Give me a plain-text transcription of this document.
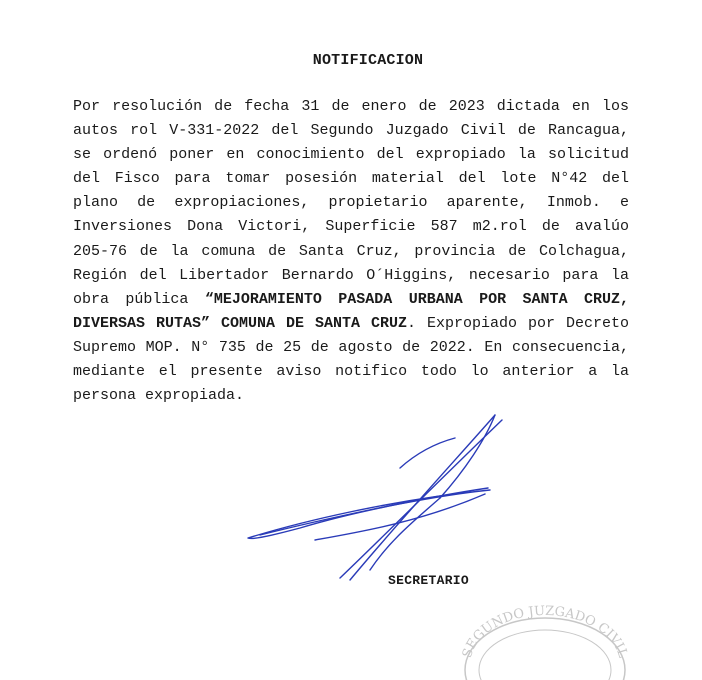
NOTIFICACION
Por resolución de fecha 31 de enero de 2023 dictada en los autos rol V-331-2022 del Segundo Juzgado Civil de Rancagua, se ordenó poner en conocimiento del expropiado la solicitud del Fisco para tomar posesión material del lote N°42 del plano de expropiaciones, propietario aparente, Inmob. e Inversiones Dona Victori, Superficie 587 m2.rol de avalúo 205-76 de la comuna de Santa Cruz, provincia de Colchagua, Región del Libertador Bernardo O´Higgins, necesario para la obra pública “MEJORAMIENTO PASADA URBANA POR SANTA CRUZ, DIVERSAS RUTAS” COMUNA DE SANTA CRUZ. Expropiado por Decreto Supremo MOP. N° 735 de 25 de agosto de 2022. En consecuencia, mediante el presente aviso notifico todo lo anterior a la persona expropiada.
SECRETARIO
SEGUNDO JUZGADO CIVIL
